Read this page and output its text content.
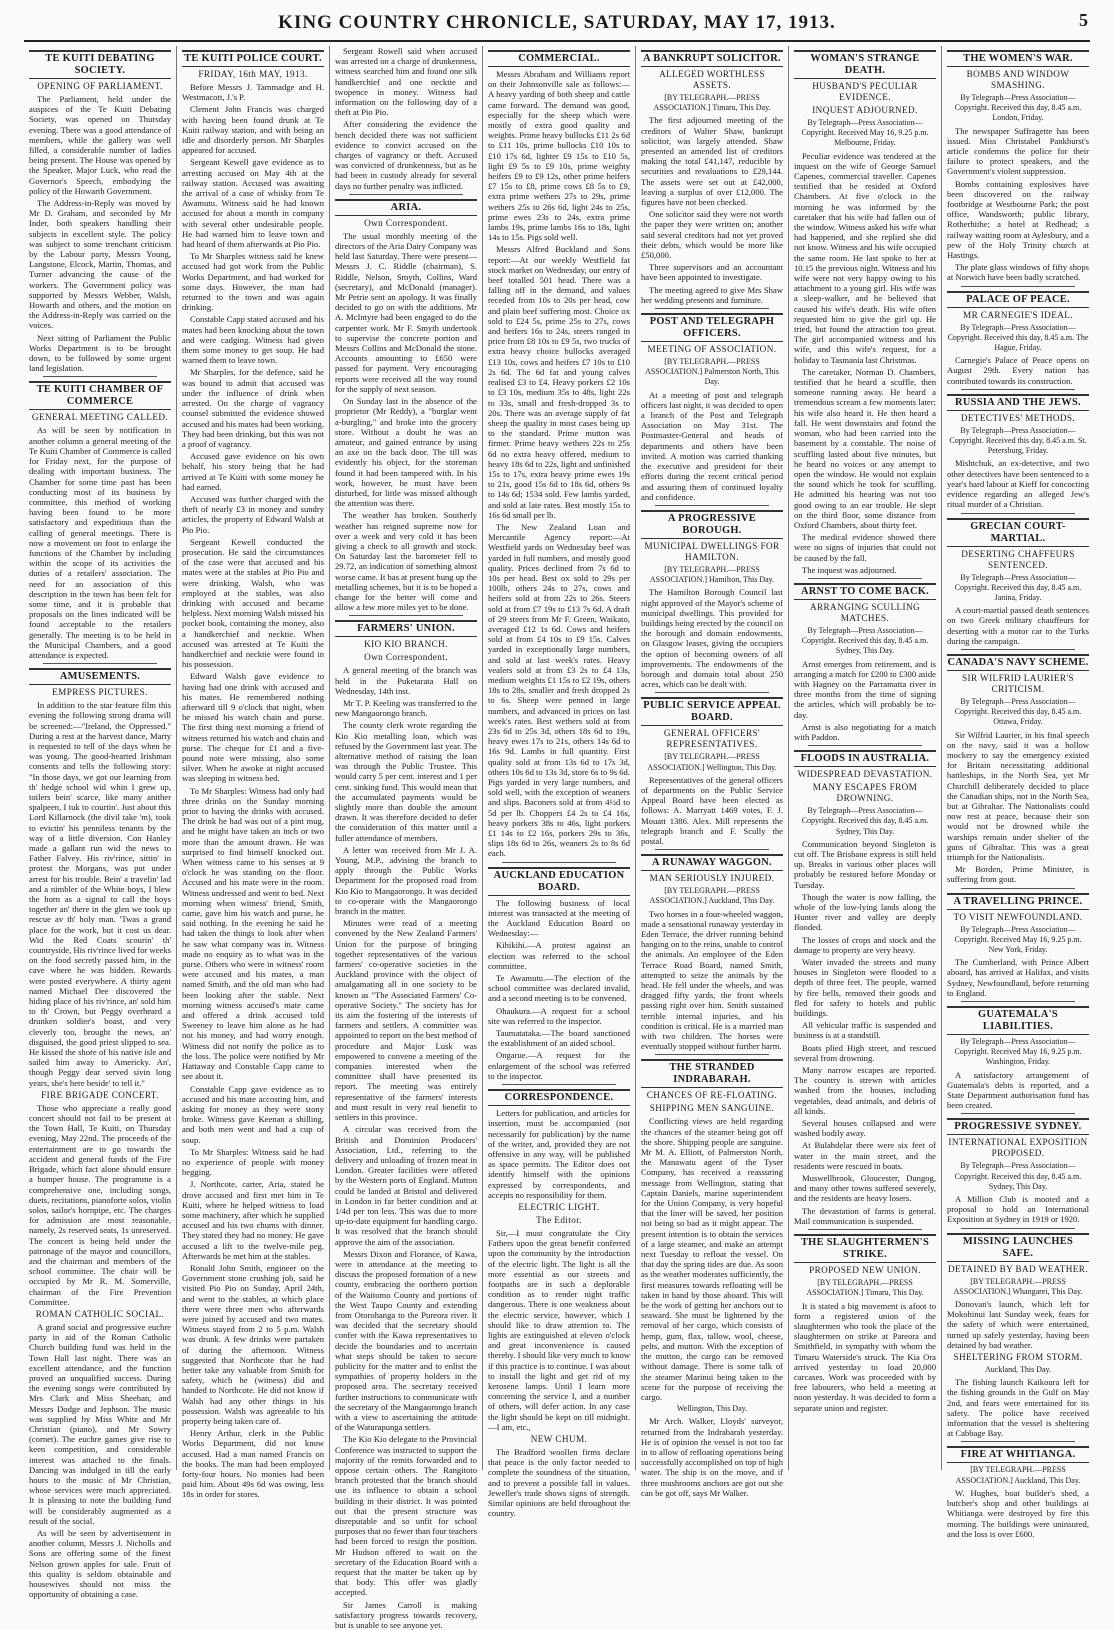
KING COUNTRY CHRONICLE, SATURDAY, MAY 17, 1913.	5
TE KUITI DEBATING SOCIETY.
OPENING OF PARLIAMENT.

The Parliament, held under the auspices of the Te Kuiti Debating Society, was opened on Thursday evening. There was a good attendance of members, while the gallery was well filled, a considerable number of ladies being present. The House was opened by the Speaker, Major Luck, who read the Governor's Speech, embodying the policy of the Howarth Government.

The Address-in-Reply was moved by Mr D. Graham, and seconded by Mr Inder, both speakers handling their subjects in excellent style. The policy was subject to some trenchant criticism by the Labour party, Messrs Young, Langstone, Elcock, Martin, Thomas, and Turner advancing the cause of the workers. The Government policy was supported by Messrs Webber, Walsh, Howarth and others, and the motion on the Address-in-Reply was carried on the voices.

Next sitting of Parliament the Public Works Department is to be brought down, to be followed by some urgent land legislation.

TE KUITI CHAMBER OF COMMERCE
GENERAL MEETING CALLED.

As will be seen by notification in another column a general meeting of the Te Kuiti Chamber of Commerce is called for Friday next, for the purpose of dealing with important business. The Chamber for some time past has been conducting most of its business by committee, this method of working having been found to be more satisfactory and expeditious than the calling of general meetings. There is now a movement on foot to enlarge the functions of the Chamber by including within the scope of its activities the duties of a retailers' association. The need for an association of this description in the town has been felt for some time, and it is probable that proposals on the lines indicated will be found acceptable to the retailers generally. The meeting is to be held in the Municipal Chambers, and a good attendance is expected.

AMUSEMENTS.
EMPRESS PICTURES.

In addition to the star feature film this evening the following strong drama will be screened:—"Ireland, the Oppressed." During a rest at the harvest dance, Marty is requested to tell of the days when he was young. The good-hearted Irishman consents and tells the following story: "In those days, we got our learning from th' hedge school wid whin I grew up, toilers bein' scarce, like many anither spalpeen, I tuk to courtin'. Just about this Lord Killarnock (the divil take 'm), took to evictin' his penniless tenants by the way of a little diversion. Con Hanley made a gallant run wid the news to Father Falvey. His riv'rince, sittin' in protest the Morgans, was put under arrest for his trouble. Bein' a travelin' lad and a nimbler of the White boys, I blew the horn as a signal to call the boys together an' there in the glen we took up rescue av th' holy man. 'Twas a grand place for the work, but it cost us dear. Wid the Red Coats scourin' th' countryside, His riv'rince lived for weeks on the food secretly passed him, in the cave where he was hidden. Rewards were posted everywhere. A thirty agent named Michael Dee discovered the hiding place of his riv'rince, an' sold him to th' Crown, but Peggy overheard a drunken soldier's boast, and very cleverly too, brought the news, an' disguised, the good priest slipped to sea. He kissed the shore of his native isle and sailed him away to Americky. An', though Peggy dear served sivin long years, she's here beside' to tell it."

FIRE BRIGADE CONCERT.

Those who appreciate a really good concert should not fail to be present at the Town Hall, Te Kuiti, on Thursday evening, May 22nd. The proceeds of the entertainment are to go towards the accident and general funds of the Fire Brigade, which fact alone should ensure a bumper house. The programme is a comprehensive one, including songs, duets, recitations, pianoforte solos, violin solos, sailor's hornpipe, etc. The charges for admission are most reasonable, namely, 2s reserved seats, 1s unreserved. The concert is being held under the patronage of the mayor and councillors, and the chairman and members of the school committee. The chair will be occupied by Mr R. M. Somerville, chairman of the Fire Prevention Committee.

ROMAN CATHOLIC SOCIAL.

A grand social and progressive euchre party in aid of the Roman Catholic Church building fund was held in the Town Hall last night. There was an excellent attendance, and the function proved an unqualified success. During the evening songs were contributed by Mrs Clark and Miss Sheehan, and Messrs Dodge and Jephson. The music was supplied by Miss White and Mr Christian (piano), and Mr Sowry (cornet). The euchre games give rise to keen competition, and considerable interest was attached to the finals. Dancing was indulged in till the early hours to the music of Mr Christian, whose services were much appreciated. It is pleasing to note the building fund will be considerably augmented as a result of the social.

As will be seen by advertisement in another column, Messrs J. Nicholls and Sons are offering some of the finest Nelson grown apples for sale. Fruit of this quality is seldom obtainable and housewives should not miss the opportunity of obtaining a case.

TE KUITI POLICE COURT.
FRIDAY, 16th MAY, 1913.

Before Messrs J. Tammadge and H. Westmacott, J.'s P.

Clement John Francis was charged with having been found drunk at Te Kuiti railway station, and with being an idle and disorderly person. Mr Sharples appeared for accused.

Sergeant Kewell gave evidence as to arresting accused on May 4th at the railway station. Accused was awaiting the arrival of a case of whisky from Te Awamutu. Witness said he had known accused for about a month in company with several other undesirable people. He had warned him to leave town and had heard of them afterwards at Pio Pio.

To Mr Sharples witness said he knew accused had got work from the Public Works Department, and had worked for some days. However, the man had returned to the town and was again drinking.

Constable Capp stated accused and his mates had been knocking about the town and were cadging. Witness had given them some money to get soup. He had warned them to leave town.

Mr Sharples, for the defence, said he was bound to admit that accused was under the influence of drink when arrested. On the charge of vagrancy counsel submitted the evidence showed accused and his mates had been working. They had been drinking, but this was not a proof of vagrancy.

Accused gave evidence on his own behalf, his story being that he had arrived at Te Kuiti with some money he had earned.

Accused was further charged with the theft of nearly £3 in money and sundry articles, the property of Edward Walsh at Pio Pio.

Sergeant Kewell conducted the prosecution. He said the circumstances of the case were that accused and his mates were at the stables at Pio Pio and were drinking. Walsh, who was employed at the stables, was also drinking with accused and became helpless. Next morning Walsh missed his pocket book, containing the money, also a handkerchief and necktie. When accused was arrested at Te Kuiti the handkerchief and necktie were found in his possession.

Edward Walsh gave evidence to having had one drink with accused and his mates. He remembered nothing afterward till 9 o'clock that night, when he missed his watch chain and purse. The first thing next morning a friend of witness returned his watch and chain and purse. The cheque for £1 and a five-pound note were missing, also some silver. When he awoke at night accused was sleeping in witness bed.

To Mr Sharples: Witness had only had three drinks on the Sunday morning prior to having the drinks with accused. The drink he had was out of a pint mug, and he might have taken an inch or two more than the amount drawn. He was surprised to find himself knocked out. When witness came to his senses at 9 o'clock he was standing on the floor. Accused and his mate were in the room. Witness undressed and went to bed. Next morning when witness' friend, Smith, came, gave him his watch and purse, he said nothing. In the evening he said he had taken the things to look after when he saw what company was in. Witness made no enquiry as to what was in the purse. Others who were in witness' room were accused and his mates, a man named Smith, and the old man who had been looking after the stable. Next morning witness accused's mate came and offered a drink accused told Sweeney to leave him alone as he had not his money, and had worry enough. Witness did not notify the police as to the loss. The police were notified by Mr Hattaway and Constable Capp came to see about it.

Constable Capp gave evidence as to accused and his mate accosting him, and asking for money as they were stony broke. Witness gave Keenan a shilling, and both men went and had a cup of soup.

To Mr Sharples: Witness said he had no experience of people with money begging.

J. Northcote, carter, Aria, stated he drove accused and first met him in Te Kuiti, where he helped witness to load some machinery, after which he supplied accused and his two chums with dinner. They stated they had no money. He gave accused a lift to the twelve-mile peg. Afterwards he met him at the stables.

Ronald John Smith, engineer on the Government stone crushing job, said he visited Pio Pio on Sunday, April 24th, and went to the stables, at which place there were three men who afterwards were joined by accused and two mates. Witness stayed from 2 to 5 p.m. Walsh was drunk. A few drinks were partaken of during the afternoon. Witness suggested that Northcote that he had better take any valuable from Smith for safety, which he (witness) did and handed to Northcote. He did not know if Walsh had any other things in his possession. Walsh was agreeable to his property being taken care of.

Henry Arthur, clerk in the Public Works Department, did not know accused. Had a man named Francis on the books. The man had been employed forty-four hours. No monies had been paid him. About 49s 6d was owing, less 18s in order for stores.

Sergeant Rowell said when accused was arrested on a charge of drunkenness, witness searched him and found one silk handkerchief and one necktie and twopence in money. Witness had information on the following day of a theft at Pio Pio.

After considering the evidence the bench decided there was not sufficient evidence to convict accused on the charges of vagrancy or theft. Accused was convicted of drunkenness, but as he had been in custody already for several days no further penalty was inflicted.

ARIA.
Own Correspondent.

The usual monthly meeting of the directors of the Aria Dairy Company was held last Saturday. There were present—Messrs J. C. Riddle (chairman), S. Riddle, Nelson, Smyth, Collins, Ward (secretary), and McDonald (manager). Mr Petrie sent an apology. It was finally decided to go on with the additions. Mr A. McIntyre had been engaged to do the carpenter work. Mr F. Smyth undertook to supervise the concrete portion and Messrs Collins and McDonald the stone. Accounts amounting to £650 were passed for payment. Very encouraging reports were received all the way round for the supply of next season.

On Sunday last in the absence of the proprietor (Mr Reddy), a "burglar went a-burgling," and broke into the grocery store. Without a doubt he was an amateur, and gained entrance by using an axe on the back door. The till was evidently his object, for the storeman found it had been tampered with. In his work, however, he must have been disturbed, for little was missed although the attention was there.

The weather has broken. Southerly weather has reigned supreme now for over a week and very cold it has been giving a check to all growth and stock. On Saturday last the barometer fell to 29.72, an indication of something almost worse came. It has at present hung up the metalling schemes, but it is to be hoped a change for the better will come and allow a few more miles yet to be done.

FARMERS' UNION.
KIO KIO BRANCH.
Own Correspondent.

A general meeting of the branch was held in the Puketarata Hall on Wednesday, 14th inst.

Mr T. P. Keeling was transferred to the new Mangaorongo branch.

The county clerk wrote regarding the Kio Kio metalling loan, which was refused by the Government last year. The alternative method of raising the loan was through the Public Trustee. This would carry 5 per cent. interest and 1 per cent. sinking fund. This would mean that the accumulated payments would be slightly more than double the amount drawn. It was therefore decided to defer the consideration of this matter until a fuller attendance of members.

A letter was received from Mr J. A. Young, M.P., advising the branch to apply through the Public Works Department for the proposed road from Kio Kio to Mangaorongo. It was decided to co-operate with the Mangaorongo branch in the matter.

Minutes were read of a meeting convened by the New Zealand Farmers' Union for the purpose of bringing together representatives of the various farmers' co-operative societies in the Auckland province with the object of amalgamating all in one society to be known as "The Associated Farmers' Co-operative Society." The society has for its aim the fostering of the interests of farmers and settlers. A committee was appointed to report on the best method of procedure and Major Lusk was empowered to convene a meeting of the companies interested when the committee shall have presented its report. The meeting was entirely representative of the farmers' interests and must result in very real benefit to settlers in this province.

A circular was received from the British and Dominion Producers' Association, Ltd., referring to the delivery and unloading of frozen meat in London. Greater facilities were offered by the Western ports of England. Mutton could be landed at Bristol and delivered in London in far better condition and at 1/4d per ton less. This was due to more up-to-date equipment for handling cargo. It was resolved that the branch should approve the aim of the association.

Messrs Dixon and Florance, of Kawa, were in attendance at the meeting to discuss the proposed formation of a new county, embracing the northern portion of the Waitomo County and portions of the West Taupo County and extending from Otorohanga to the Pureora river. It was decided that the secretary should confer with the Kawa representatives to decide the boundaries and to ascertain what steps should be taken to secure publicity for the matter and to enlist the sympathies of property holders in the proposed area. The secretary received further instructions to communicate with the secretary of the Mangaorongo branch with a view to ascertaining the attitude of the Waturapunga settlers.

The Kio Kio delegate to the Provincial Conference was instructed to support the majority of the remits forwarded and to oppose certain others. The Rangitoto branch protested that the branch should use its influence to obtain a school building in their district. It was pointed out that the present structure was disreputable and so unfit for school purposes that no fewer than four teachers had been forced to resign the position. Mr Hudson offered to wait on the secretary of the Education Board with a request that the matter be taken up by that body. This offer was gladly accepted.

Sir James Carroll is making satisfactory progress towards recovery, but is unable to see anyone yet.

COMMERCIAL.

Messrs Abraham and Williams report on their Johnsonville sale as follows:—A heavy yarding of both sheep and cattle came forward. The demand was good, especially for the sheep which were mostly of extra good quality and weights. Prime heavy bullocks £11 2s 6d to £11 10s, prime bullocks £10 10s to £10 17s 6d, lighter £9 15s to £10 5s, light £9 5s to £9 10s, prime weighty heifers £9 to £9 12s, other prime heifers £7 15s to £8, prime cows £8 5s to £9, extra prime wethers 27s to 29s, prime wethers 25s to 26s 6d, light 24s to 25s, prime ewes 23s to 24s, extra prime lambs 19s, prime lambs 16s to 18s, light 14s to 15s. Pigs sold well.

Messrs Alfred Buckland and Sons report:—At our weekly Westfield fat stock market on Wednesday, our entry of beef totalled 501 head. There was a falling off in the demand, and values receded from 10s to 20s per head, cow and plain beef suffering most. Choice ox sold to £24 5s, prime 25s to 27s, cows and heifers 16s to 24s, steers ranged in price from £8 10s to £9 5s, two trucks of extra heavy choice bullocks averaged £13 10s, cows and heifers £7 10s to £10 2s 6d. The 6d fat and young calves realised £3 to £4. Heavy porkers £2 10s to £3 10s, medium 35s to 48s, light 22s to 33s, small and fresh-dropped 3s to 20s. There was an average supply of fat sheep the quality in most cases being up to the standard. Prime mutton was firmer. Prime heavy wethers 22s to 25s 6d no extra heavy offered, medium to heavy 18s 6d to 22s, light and unfinished 15s to 17s, extra heavy prime ewes 19s to 21s, good 15s 6d to 18s 6d, others 9s to 14s 6d; 1534 sold. Few lambs yarded, and sold at late rates. Best mostly 15s to 16s 6d small per lb.

The New Zealand Loan and Mercantile Agency report:—At Westfield yards on Wednesday beef was yarded in full numbers, and mostly good quality. Prices declined from 7s 6d to 10s per head. Best ox sold to 29s per 100lb, others 24s to 27s, cows and heifers sold at from 22s to 26s. Steers sold at from £7 19s to £13 7s 6d. A draft of 29 steers from Mr F. Green, Waikato, averaged £12 1s 6d. Cows and heifers sold at from £4 10s to £9 15s. Calves yarded in exceptionally large numbers, and sold at last week's rates. Heavy vealers sold at from £3 2s to £4 13s, medium weights £1 15s to £2 19s, others 18s to 28s, smaller and fresh dropped 2s to 6s. Sheep were penned in large numbers, and advanced in prices on last week's rates. Best wethers sold at from 23s 6d to 25s 3d, others 18s 6d to 19s, heavy ewes 17s to 21s, others 14s 6d to 16s 9d. Lambs in full quantity. First quality sold at from 13s 6d to 17s 3d, others 10s 6d to 13s 3d, store 6s to 9s 6d. Pigs yarded in very large numbers, and sold well, with the exception of weaners and slips. Baconers sold at from 4½d to 5d per lb. Choppers £4 2s to £4 16s, heavy porkers 38s to 46s, light porkers £1 14s to £2 16s, porkers 29s to 36s, slips 18s 6d to 26s, weaners 2s to 8s 6d each.

AUCKLAND EDUCATION BOARD.

The following business of local interest was transacted at the meeting of the Auckland Education Board on Wednesday:—

Kihikihi.—A protest against an election was referred to the school committee.

Te Awamutu.—The election of the school committee was declared invalid, and a second meeting is to be convened.

Ohaukura.—A request for a school site was referred to the inspector.

Taumatataka.—The board sanctioned the establishment of an aided school.

Ongarue.—A request for the enlargement of the school was referred to the inspector.

CORRESPONDENCE.

Letters for publication, and articles for insertion, must be accompanied (not necessarily for publication) by the name of the writer, and, provided they are not offensive in any way, will be published as space permits. The Editor does not identify himself with the opinions expressed by correspondents, and accepts no responsibility for them.

ELECTRIC LIGHT.
The Editor.

Sir,—I must congratulate the City Fathers upon the great benefit conferred upon the community by the introduction of the electric light. The light is all the more essential as our streets and footpaths are in such a deplorable condition as to render night traffic dangerous. There is one weakness about the electric service, however, which I should like to draw attention to. The lights are extinguished at eleven o'clock and great inconvenience is caused thereby. I should like very much to know if this practice is to continue. I was about to install the light and get rid of my kerosene lamps. Until I learn more concerning the service I, and a number of others, will defer action. In any case the light should be kept on till midnight.—I am, etc.,

NEW CHUM.

The Bradford woollen firms declare that peace is the only factor needed to complete the soundness of the situation, and to prevent a possible fall in values. Jeweller's trade shows signs of strength. Similar opinions are held throughout the country.

A BANKRUPT SOLICITOR.
ALLEGED WORTHLESS ASSETS.

[BY TELEGRAPH.—PRESS ASSOCIATION.] Timaru, This Day.

The first adjourned meeting of the creditors of Walter Shaw, bankrupt solicitor, was largely attended. Shaw presented an amended list of creditors making the total £41,147, reducible by securities and revaluations to £29,144. The assets were set out at £42,000, leaving a surplus of over £12,000. The figures have not been checked.

One solicitor said they were not worth the paper they were written on; another said several creditors had not yet proved their debts, which would be more like £50,000.

Three supervisors and an accountant have been appointed to investigate.

The meeting agreed to give Mrs Shaw her wedding presents and furniture.

POST AND TELEGRAPH OFFICERS.
MEETING OF ASSOCIATION.

[BY TELEGRAPH.—PRESS ASSOCIATION.] Palmerston North, This Day.

At a meeting of post and telegraph officers last night, it was decided to open a branch of the Post and Telegraph Association on May 31st. The Postmaster-General and heads of departments and others have been invited. A motion was carried thanking the executive and president for their efforts during the recent critical period and assuring them of continued loyalty and confidence.

A PROGRESSIVE BOROUGH.
MUNICIPAL DWELLINGS FOR HAMILTON.

[BY TELEGRAPH.—PRESS ASSOCIATION.] Hamilton, This Day.

The Hamilton Borough Council last night approved of the Mayor's scheme of municipal dwellings. This provided for buildings being erected by the council on the borough and domain endowments, on Glasgow leases, giving the occupiers the option of becoming owners of all improvements. The endowments of the borough and domain total about 250 acres, which can be dealt with.

PUBLIC SERVICE APPEAL BOARD.
GENERAL OFFICERS' REPRESENTATIVES.

[BY TELEGRAPH.—PRESS ASSOCIATION.] Wellington, This Day.

Representatives of the general officers of departments on the Public Service Appeal Board have been elected as follows: A. Marryatt 1469 votes, F. J. Mouatt 1386. Alex. Mill represents the telegraph branch and F. Scully the postal.

A RUNAWAY WAGGON.
MAN SERIOUSLY INJURED.

[BY TELEGRAPH.—PRESS ASSOCIATION.] Auckland, This Day.

Two horses in a four-wheeled waggon, made a sensational runaway yesterday in Eden Terrace, the driver running behind hanging on to the reins, unable to control the animals. An employee of the Eden Terrace Road Board, named Smith, attempted to seize the animals by the head. He fell under the wheels, and was dragged fifty yards, the front wheels passing right over him. Smith sustained terrible internal injuries, and his condition is critical. He is a married man with two children. The horses were eventually stopped without further harm.

THE STRANDED INDRABARAH.
CHANCES OF RE-FLOATING.
SHIPPING MEN SANGUINE.

Conflicting views are held regarding the chances of the steamer being got off the shore. Shipping people are sanguine. Mr M. A. Elliott, of Palmerston North, the Manawatu agent of the Tyser Company, has received a reassuring message from Wellington, stating that Captain Daniels, marine superintendent for the Union Company, is very hopeful that the liner will be saved, her position not being so bad as it might appear. The present intention is to obtain the services of a large steamer, and make an attempt next Tuesday to refloat the vessel. On that day the spring tides are due. As soon as the weather moderates sufficiently, the first measures towards refloating will be taken in hand by those aboard. This will be the work of getting her anchors out to seaward. She must be lightened by the removal of her cargo, which consists of hemp, gum, flax, tallow, wool, cheese, pelts, and mutton. With the exception of the mutton, the cargo can be removed without damage. There is some talk of the steamer Marinui being taken to the scene for the purpose of receiving the cargo.

Wellington, This Day.

Mr Arch. Walker, Lloyds' surveyor, returned from the Indrabarah yesterday. He is of opinion the vessel is not too far in to allow of refloating operations being successfully accomplished on top of high water. The ship is on the move, and if three mushrooms anchors are got out she can be got off, says Mr Walker.

WOMAN'S STRANGE DEATH.
HUSBAND'S PECULIAR EVIDENCE.
INQUEST ADJOURNED.

By Telegraph—Press Association—Copyright. Received May 16, 9.25 p.m. Melbourne, Friday.

Peculiar evidence was tendered at the inquest on the wife of George Samuel Capenes, commercial traveller. Capenes testified that he resided at Oxford Chambers. At five o'clock in the morning he was informed by the caretaker that his wife had fallen out of the window. Witness asked his wife what had happened, and she replied she did not know. Witness and his wife occupied the same room. He last spoke to her at 10.15 the previous night. Witness and his wife were not very happy owing to his attachment to a young girl. His wife was a sleep-walker, and he believed that caused his wife's death. His wife often requested him to give the girl up. He tried, but found the attraction too great. The girl accompanied witness and his wife, and this wife's request, for a holiday to Tasmania last Christmas.

The caretaker, Norman D. Chambers, testified that he heard a scuffle, then someone running away. He heard a tremendous scream a few moments later; his wife also heard it. He then heard a fall. He went downstairs and found the woman, who had been carried into the basement by a constable. The noise of scuffling lasted about five minutes, but he heard no voices or any attempt to open the window. He would not explain the sound which he took for scuffling. He admitted his hearing was not too good owing to an ear trouble. He slept on the third floor, some distance from Oxford Chambers, about thirty feet.

The medical evidence showed there were no signs of injuries that could not be caused by the fall.

The inquest was adjourned.

ARNST TO COME BACK.
ARRANGING SCULLING MATCHES.

By Telegraph—Press Association—Copyright. Received this day, 8.45 a.m. Sydney, This Day.

Arnst emerges from retirement, and is arranging a match for £200 to £300 aside with Hagney on the Parramatta river in three months from the time of signing the articles, which will probably be to-day.

Arnst is also negotiating for a match with Paddon.

FLOODS IN AUSTRALIA.
WIDESPREAD DEVASTATION.
MANY ESCAPES FROM DROWNING.

By Telegraph—Press Association—Copyright. Received this day, 8.45 a.m. Sydney, This Day.

Communication beyond Singleton is cut off. The Brisbane express is still held up. Breaks in various other places will probably be restored before Monday or Tuesday.

Though the water is now falling, the whole of the low-lying lands along the Hunter river and valley are deeply flooded.

The losses of crops and stock and the damage to property are very heavy.

Water invaded the streets and many houses in Singleton were flooded to a depth of three feet. The people, warned by fire bells, removed their goods and fled for safety to hotels and public buildings.

All vehicular traffic is suspended and business is at a standstill.

Boats plied High street, and rescued several from drowning.

Many narrow escapes are reported. The country is strewn with articles washed from the houses, including vegetables, dead animals, and debris of all kinds.

Several houses collapsed and were washed bodily away.

At Bulahdelar there were six feet of water in the main street, and the residents were rescued in boats.

Muswellbrook, Gloucester, Dungog, and many other towns suffered severely, and the residents are heavy losers.

The devastation of farms is general. Mail communication is suspended.

THE SLAUGHTERMEN'S STRIKE.
PROPOSED NEW UNION.

[BY TELEGRAPH.—PRESS ASSOCIATION.] Timaru, This Day.

It is stated a big movement is afoot to form a registered union of the slaughtermen who took the place of the slaughtermen on strike at Pareora and Smithfield, in sympathy with whom the Timaru Waterside's struck. The Kia Ora arrived yesterday to load 20,000 carcases. Work was proceeded with by free labourers, who held a meeting at noon yesterday. It was decided to form a separate union and register.

THE WOMEN'S WAR.
BOMBS AND WINDOW SMASHING.

By Telegraph—Press Association—Copyright. Received this day, 8.45 a.m. London, Friday.

The newspaper Suffragette has been issued. Miss Christabel Pankhurst's article condemns the police for their failure to protect speakers, and the Government's violent suppression.

Bombs containing explosives have been discovered on the railway footbridge at Westbourne Park; the post office, Wandsworth; public library, Rotherhithe; a hotel at Redhead; a railway waiting room at Aylesbury, and a pew of the Holy Trinity church at Hastings.

The plate glass windows of fifty shops at Norwich have been badly scratched.

PALACE OF PEACE.
MR CARNEGIE'S IDEAL.

By Telegraph—Press Association—Copyright. Received this day, 8.45 a.m. The Hague, Friday.

Carnegie's Palace of Peace opens on August 29th. Every nation has contributed towards its construction.

RUSSIA AND THE JEWS.
DETECTIVES' METHODS.

By Telegraph—Press Association—Copyright. Received this day, 8.45 a.m. St. Petersburg, Friday.

Mishtchuk, an ex-detective, and two other detectives have been sentenced to a year's hard labour at Kieff for concocting evidence regarding an alleged Jew's ritual murder of a Christian.

GRECIAN COURT-MARTIAL.
DESERTING CHAFFEURS SENTENCED.

By Telegraph—Press Association—Copyright. Received this day, 8.45 a.m. Janina, Friday.

A court-martial passed death sentences on two Greek military chauffeurs for deserting with a motor car to the Turks during the campaign.

CANADA'S NAVY SCHEME.
SIR WILFRID LAURIER'S CRITICISM.

By Telegraph—Press Association—Copyright. Received this day, 8.45 a.m. Ottawa, Friday.

Sir Wilfrid Laurier, in his final speech on the navy, said it was a hollow mockery to say the emergency existed for Britain necessitating additional battleships, in the North Sea, yet Mr Churchill deliberately decided to place the Canadian ships, not in the North Sea, but at Gibraltar. The Nationalists could now rest at peace, because their son would not be drowned while the warships remain under shelter of the guns of Gibraltar. This was a great triumph for the Nationalists.

Mr Borden, Prime Minister, is suffering from gout.

A TRAVELLING PRINCE.
TO VISIT NEWFOUNDLAND.

By Telegraph—Press Association—Copyright. Received May 16, 9.25 p.m. New York, Friday.

The Cumberland, with Prince Albert aboard, has arrived at Halifax, and visits Sydney, Newfoundland, before returning to England.

GUATEMALA'S LIABILITIES.

By Telegraph—Press Association—Copyright. Received May 16, 9.25 p.m. Washington, Friday.

A satisfactory arrangement of Guatemala's debts is reported, and a State Department authorisation fund has been created.

PROGRESSIVE SYDNEY.
INTERNATIONAL EXPOSITION PROPOSED.

By Telegraph—Press Association—Copyright. Received this day, 8.45 a.m. Sydney, This Day.

A Million Club is mooted and a proposal to hold an International Exposition at Sydney in 1919 or 1920.

MISSING LAUNCHES SAFE.
DETAINED BY BAD WEATHER.

[BY TELEGRAPH.—PRESS ASSOCIATION.] Whangarei, This Day.

Donovan's launch, which left for Mokohinui last Sunday week, fears for the safety of which were entertained, turned up safely yesterday, having been detained by bad weather.

SHELTERING FROM STORM.

Auckland, This Day.

The fishing launch Kaikoura left for the fishing grounds in the Gulf on May 2nd, and fears were entertained for its safety. The police have received information that the vessel is sheltering at Cabbage Bay.

FIRE AT WHITIANGA.

[BY TELEGRAPH.—PRESS ASSOCIATION.] Auckland, This Day.

W. Hughes, boat builder's shed, a butcher's shop and other buildings at Whitianga were destroyed by fire this morning. The buildings were uninsured, and the loss is over £600.
